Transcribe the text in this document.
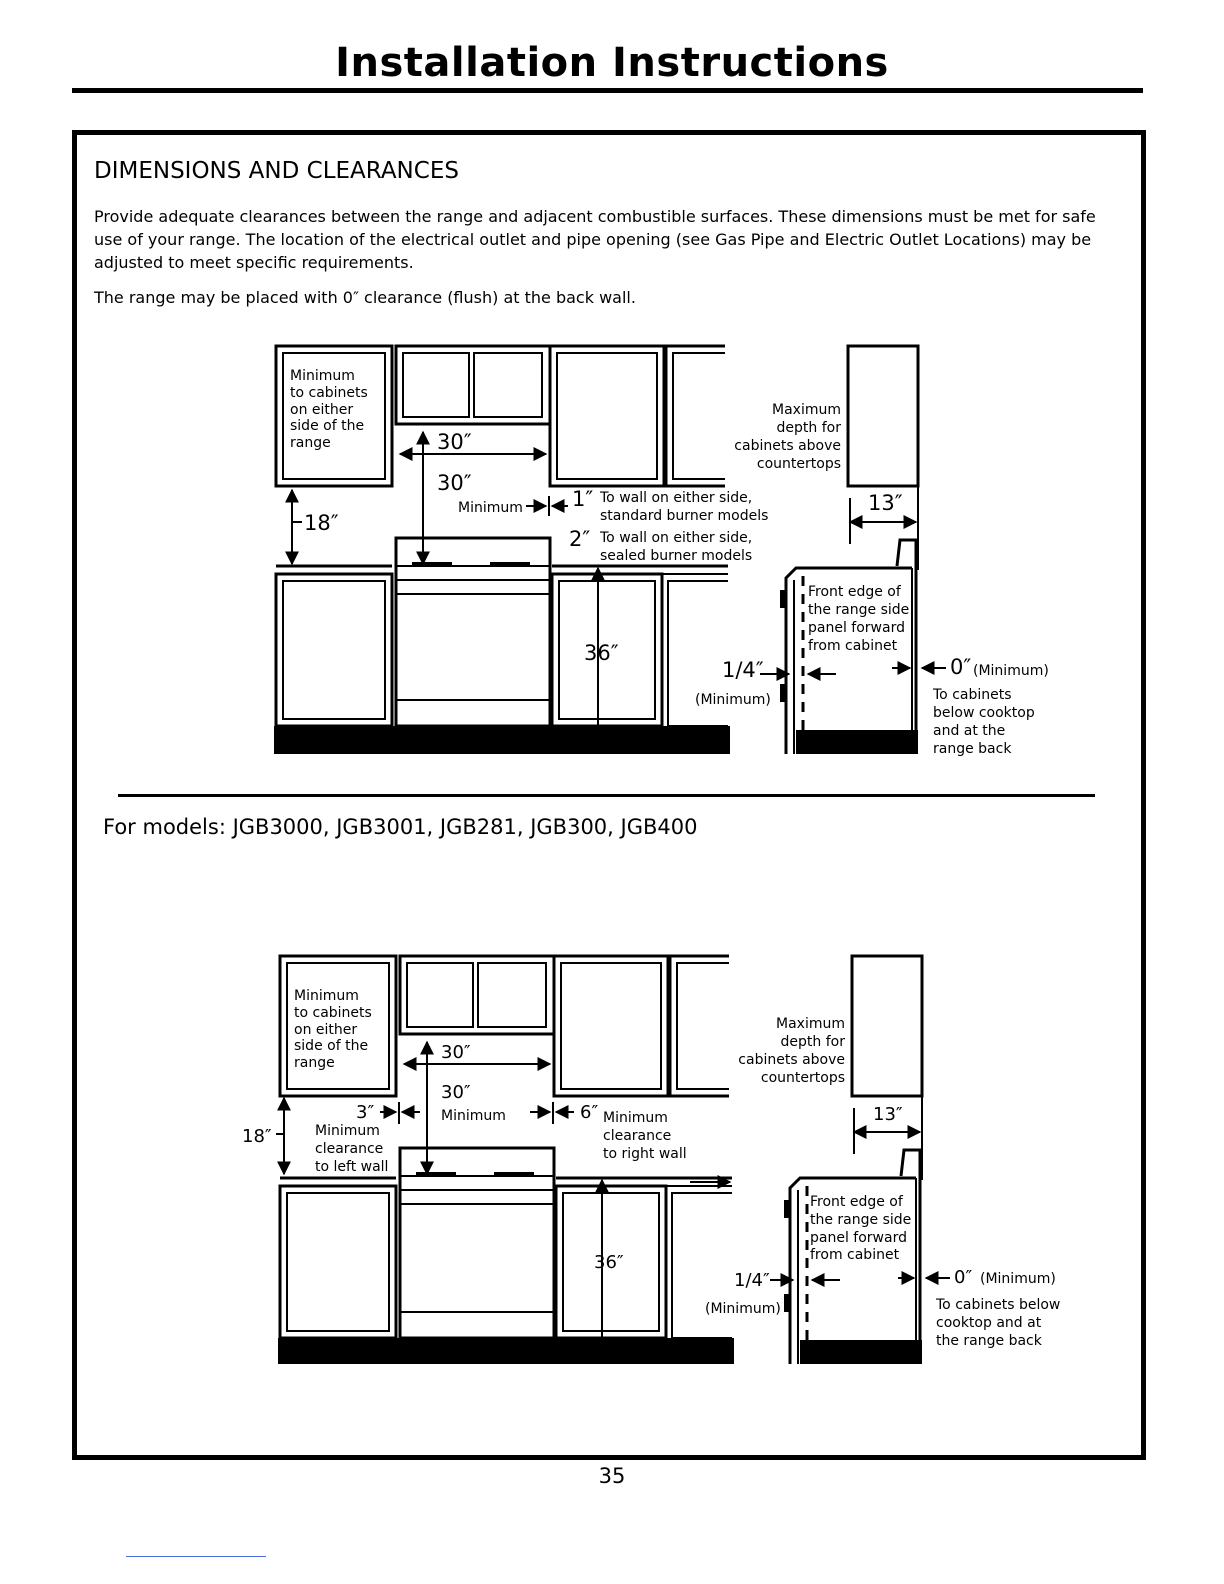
Installation Instructions
DIMENSIONS AND CLEARANCES

Provide adequate clearances between the range and adjacent combustible surfaces. These dimensions must be met for safe use of your range. The location of the electrical outlet and pipe opening (see Gas Pipe and Electric Outlet Locations) may be adjusted to meet specific requirements.

The range may be placed with 0″ clearance (flush) at the back wall.

Minimum
to cabinets
on either
side of the
range	30″
30″
Minimum
18″
1″ To wall on either side,
standard burner models
2″ To wall on either side,
sealed burner models
36″
Maximum
depth for
cabinets above
countertops
13″
Front edge of
the range side
panel forward
from cabinet
1/4″
(Minimum)
0″ (Minimum)
To cabinets
below cooktop
and at the
range back
Minimum
to cabinets
on either
side of the
range	30″
30″
Minimum
18″
3″
Minimum
clearance
to left wall
6″ Minimum
clearance
to right wall
36″
Maximum
depth for
cabinets above
countertops
13″
Front edge of
the range side
panel forward
from cabinet
1/4″
(Minimum)
0″ (Minimum)
To cabinets below
cooktop and at
the range back

For models: JGB3000, JGB3001, JGB281, JGB300, JGB400

35
